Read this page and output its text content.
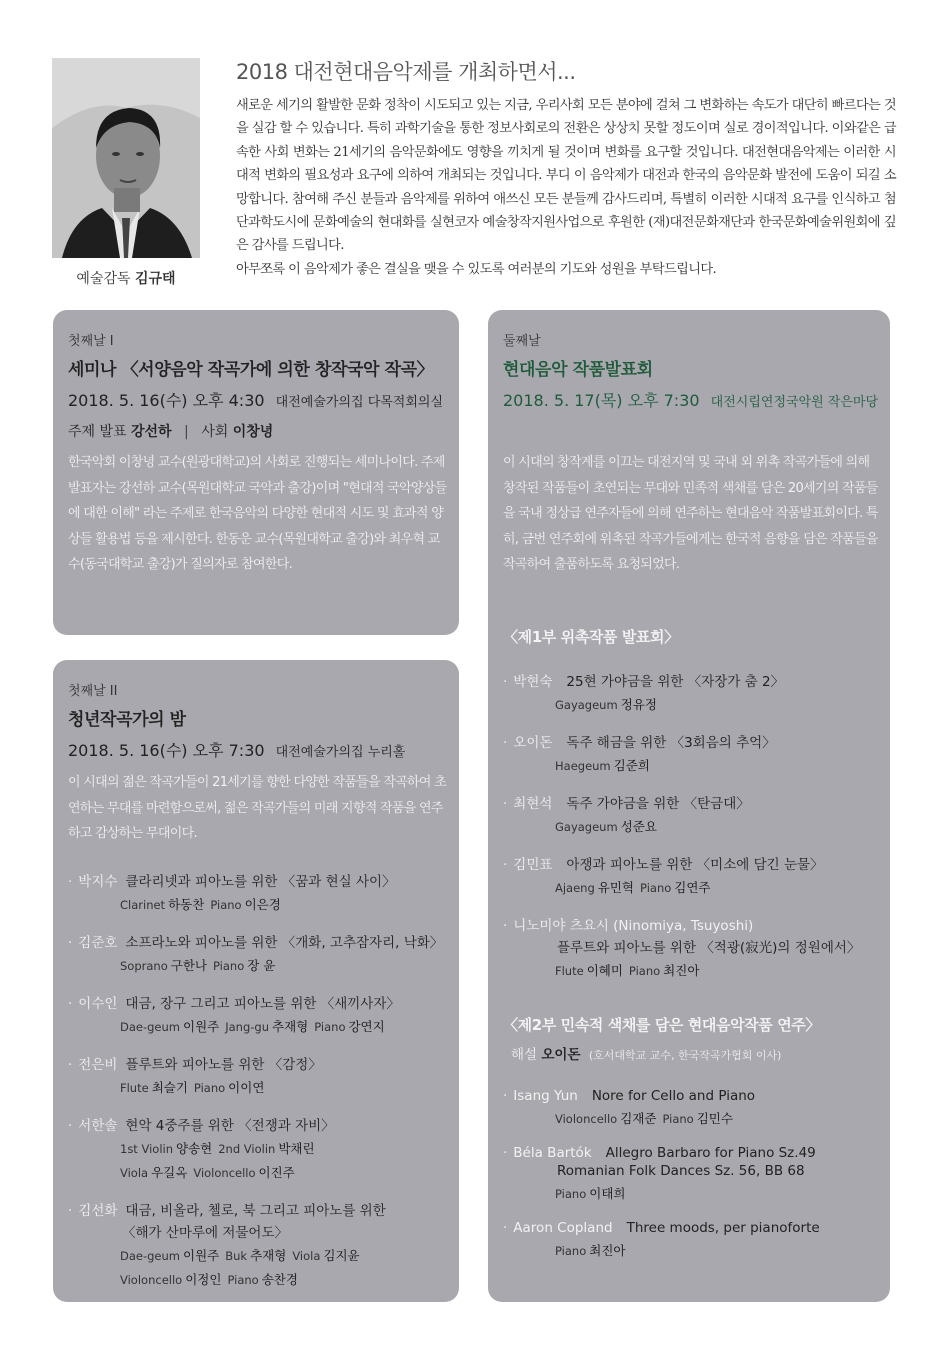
예술감독 김규태
2018 대전현대음악제를 개최하면서...

새로운 세기의 활발한 문화 정착이 시도되고 있는 지금, 우리사회 모든 분야에 걸쳐 그 변화하는 속도가 대단히 빠르다는 것을 실감 할 수 있습니다. 특히 과학기술을 통한 정보사회로의 전환은 상상치 못할 정도이며 실로 경이적입니다. 이와같은 급속한 사회 변화는 21세기의 음악문화에도 영향을 끼치게 될 것이며 변화를 요구할 것입니다. 대전현대음악제는 이러한 시대적 변화의 필요성과 요구에 의하여 개최되는 것입니다. 부디 이 음악제가 대전과 한국의 음악문화 발전에 도움이 되길 소망합니다. 참여해 주신 분들과 음악제를 위하여 애쓰신 모든 분들께 감사드리며, 특별히 이러한 시대적 요구를 인식하고 첨단과학도시에 문화예술의 현대화를 실현코자 예술창작지원사업으로 후원한 (재)대전문화재단과 한국문화예술위원회에 깊은 감사를 드립니다.

아무쪼록 이 음악제가 좋은 결실을 맺을 수 있도록 여러분의 기도와 성원을 부탁드립니다.

첫째날 I
세미나 〈서양음악 작곡가에 의한 창작국악 작곡〉
2018. 5. 16(수) 오후 4:30 대전예술가의집 다목적회의실
주제 발표 강선하 | 사회 이창녕
한국악회 이창녕 교수(원광대학교)의 사회로 진행되는 세미나이다. 주제 발표자는 강선하 교수(목원대학교 국악과 출강)이며 "현대적 국악양상들에 대한 이해" 라는 주제로 한국음악의 다양한 현대적 시도 및 효과적 양상들 활용법 등을 제시한다. 한동운 교수(목원대학교 출강)와 최우혁 교수(동국대학교 출강)가 질의자로 참여한다.
첫째날 II
청년작곡가의 밤
2018. 5. 16(수) 오후 7:30 대전예술가의집 누리홀
이 시대의 젊은 작곡가들이 21세기를 향한 다양한 작품들을 작곡하여 초연하는 무대를 마련함으로써, 젊은 작곡가들의 미래 지향적 작품을 연주하고 감상하는 무대이다.
· 박지수 클라리넷과 피아노를 위한 〈꿈과 현실 사이〉
Clarinet 하동찬 Piano 이은경
· 김준호 소프라노와 피아노를 위한 〈개화, 고추잠자리, 낙화〉
Soprano 구한나 Piano 장 윤
· 이수인 대금, 장구 그리고 피아노를 위한 〈새끼사자〉
Dae-geum 이원주 Jang-gu 추재형 Piano 강연지
· 전은비 플루트와 피아노를 위한 〈감정〉
Flute 최슬기 Piano 이이연
· 서한솔 현악 4중주를 위한 〈전쟁과 자비〉
1st Violin 양송현 2nd Violin 박채린
Viola 우길옥 Violoncello 이진주
· 김선화 대금, 비올라, 첼로, 북 그리고 피아노를 위한
〈해가 산마루에 저물어도〉
Dae-geum 이원주 Buk 추재형 Viola 김지윤
Violoncello 이정인 Piano 송찬경
둘째날
현대음악 작품발표회
2018. 5. 17(목) 오후 7:30 대전시립연정국악원 작은마당
이 시대의 창작계를 이끄는 대전지역 및 국내 외 위촉 작곡가들에 의해 창작된 작품들이 초연되는 무대와 민족적 색채를 담은 20세기의 작품들을 국내 정상급 연주자들에 의해 연주하는 현대음악 작품발표회이다. 특히, 금번 연주회에 위촉된 작곡가들에게는 한국적 음향을 담은 작품들을 작곡하여 출품하도록 요청되었다.
〈제1부 위촉작품 발표회〉
· 박현숙 25현 가야금을 위한 〈자장가 춤 2〉
Gayageum 정유정
· 오이돈 독주 해금을 위한 〈3회음의 추억〉
Haegeum 김준희
· 최현석 독주 가야금을 위한 〈탄금대〉
Gayageum 성준요
· 김민표 아쟁과 피아노를 위한 〈미소에 담긴 눈물〉
Ajaeng 유민혁 Piano 김연주
· 니노미야 츠요시 (Ninomiya, Tsuyoshi)
플루트와 피아노를 위한 〈적광(寂光)의 정원에서〉
Flute 이혜미 Piano 최진아
〈제2부 민속적 색채를 담은 현대음악작품 연주〉
해설 오이돈 (호서대학교 교수, 한국작곡가협회 이사)
· Isang Yun Nore for Cello and Piano
Violoncello 김재준 Piano 김민수
· Béla Bartók Allegro Barbaro for Piano Sz.49
Romanian Folk Dances Sz. 56, BB 68
Piano 이태희
· Aaron Copland Three moods, per pianoforte
Piano 최진아
